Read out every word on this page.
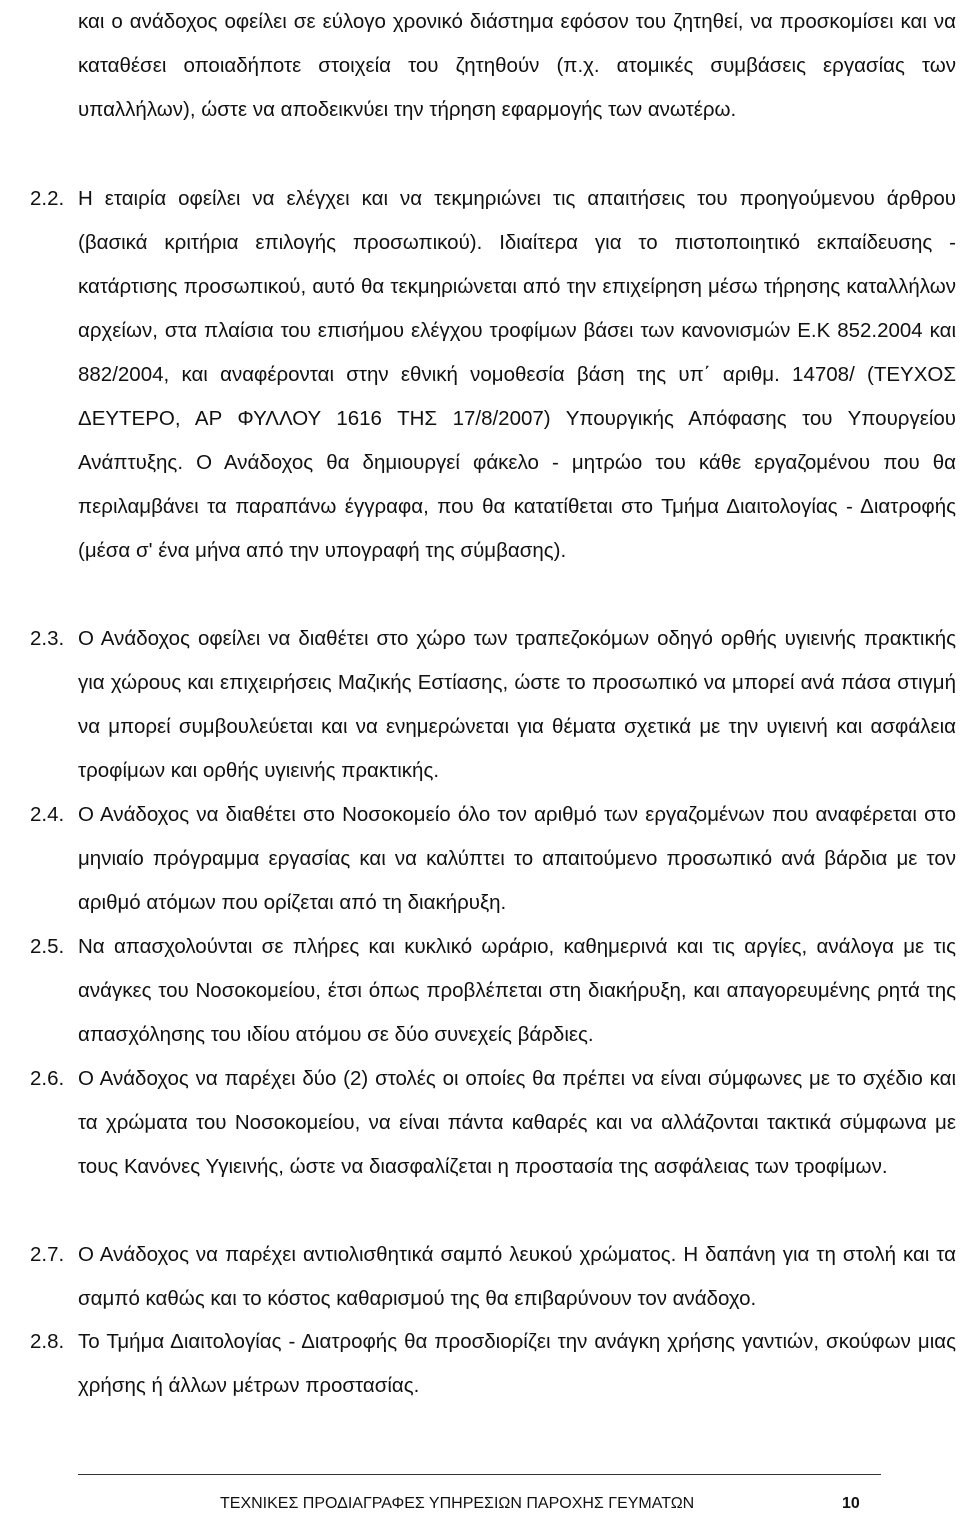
και ο ανάδοχος οφείλει σε εύλογο χρονικό διάστημα εφόσον του ζητηθεί, να προσκομίσει και να καταθέσει οποιαδήποτε στοιχεία του ζητηθούν (π.χ. ατομικές συμβάσεις εργασίας των υπαλλήλων), ώστε να αποδεικνύει την τήρηση εφαρμογής των ανωτέρω.

2.2. Η εταιρία οφείλει να ελέγχει και να τεκμηριώνει τις απαιτήσεις του προηγούμενου άρθρου (βασικά κριτήρια επιλογής προσωπικού). Ιδιαίτερα για το πιστοποιητικό εκπαίδευσης - κατάρτισης προσωπικού, αυτό θα τεκμηριώνεται από την επιχείρηση μέσω τήρησης καταλλήλων αρχείων, στα πλαίσια του επισήμου ελέγχου τροφίμων βάσει των κανονισμών Ε.Κ 852.2004 και 882/2004, και αναφέρονται στην εθνική νομοθεσία βάση της υπ΄ αριθμ. 14708/ (ΤΕΥΧΟΣ ΔΕΥΤΕΡΟ, ΑΡ ΦΥΛΛΟΥ 1616 ΤΗΣ 17/8/2007) Υπουργικής Απόφασης του Υπουργείου Ανάπτυξης. Ο Ανάδοχος θα δημιουργεί φάκελο - μητρώο του κάθε εργαζομένου που θα περιλαμβάνει τα παραπάνω έγγραφα, που θα κατατίθεται στο Τμήμα Διαιτολογίας - Διατροφής (μέσα σ' ένα μήνα από την υπογραφή της σύμβασης).
2.3. Ο Ανάδοχος οφείλει να διαθέτει στο χώρο των τραπεζοκόμων οδηγό ορθής υγιεινής πρακτικής για χώρους και επιχειρήσεις Μαζικής Εστίασης, ώστε το προσωπικό να μπορεί ανά πάσα στιγμή να μπορεί συμβουλεύεται και να ενημερώνεται για θέματα σχετικά με την υγιεινή και ασφάλεια τροφίμων και ορθής υγιεινής πρακτικής.
2.4. Ο Ανάδοχος να διαθέτει στο Νοσοκομείο όλο τον αριθμό των εργαζομένων που αναφέρεται στο μηνιαίο πρόγραμμα εργασίας και να καλύπτει το απαιτούμενο προσωπικό ανά βάρδια με τον αριθμό ατόμων που ορίζεται από τη διακήρυξη.
2.5. Να απασχολούνται σε πλήρες και κυκλικό ωράριο, καθημερινά και τις αργίες, ανάλογα με τις ανάγκες του Νοσοκομείου, έτσι όπως προβλέπεται στη διακήρυξη, και απαγορευμένης ρητά της απασχόλησης του ιδίου ατόμου σε δύο συνεχείς βάρδιες.
2.6. Ο Ανάδοχος να παρέχει δύο (2) στολές οι οποίες θα πρέπει να είναι σύμφωνες με το σχέδιο και τα χρώματα του Νοσοκομείου, να είναι πάντα καθαρές και να αλλάζονται τακτικά σύμφωνα με τους Κανόνες Υγιεινής, ώστε να διασφαλίζεται η προστασία της ασφάλειας των τροφίμων.
2.7. Ο Ανάδοχος να παρέχει αντιολισθητικά σαμπό λευκού χρώματος. Η δαπάνη για τη στολή και τα σαμπό καθώς και το κόστος καθαρισμού της θα επιβαρύνουν τον ανάδοχο.
2.8. Το Τμήμα Διαιτολογίας - Διατροφής θα προσδιορίζει την ανάγκη χρήσης γαντιών, σκούφων μιας χρήσης ή άλλων μέτρων προστασίας.
ΤΕΧΝΙΚΕΣ ΠΡΟΔΙΑΓΡΑΦΕΣ ΥΠΗΡΕΣΙΩΝ ΠΑΡΟΧΗΣ ΓΕΥΜΑΤΩΝ	10
